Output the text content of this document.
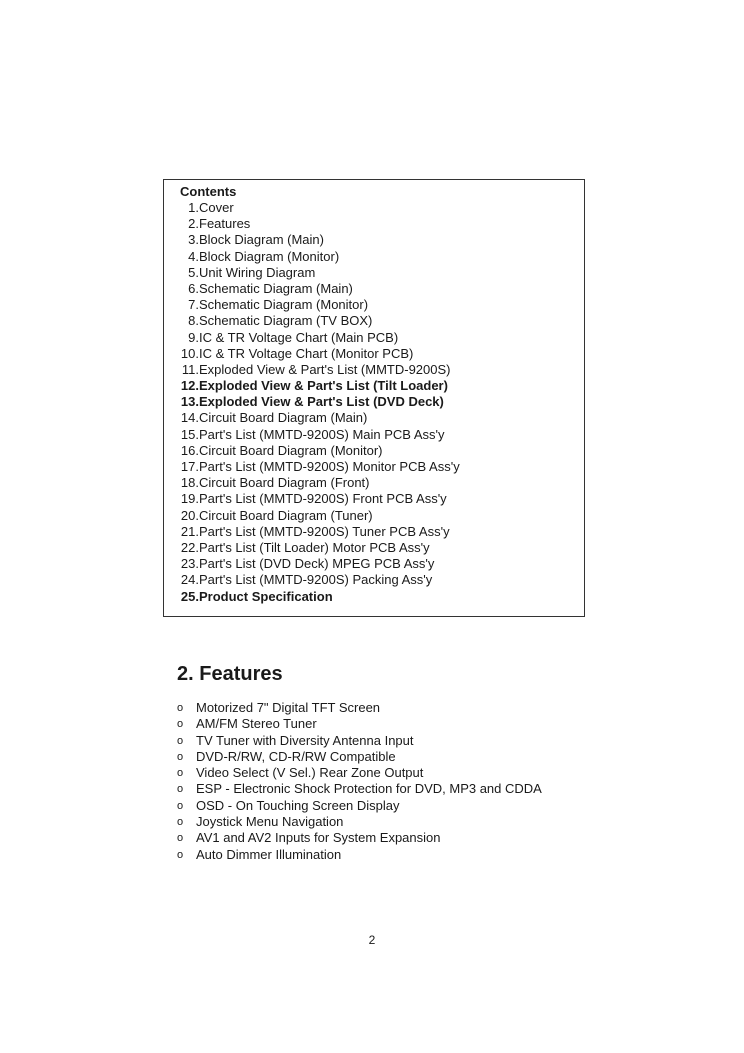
Contents
1. Cover
2. Features
3. Block Diagram (Main)
4. Block Diagram (Monitor)
5. Unit Wiring Diagram
6. Schematic Diagram (Main)
7. Schematic Diagram (Monitor)
8. Schematic Diagram (TV BOX)
9. IC & TR Voltage Chart (Main PCB)
10. IC & TR Voltage Chart (Monitor PCB)
11. Exploded View & Part's List (MMTD-9200S)
12. Exploded View & Part's List (Tilt Loader)
13. Exploded View & Part's List (DVD Deck)
14. Circuit Board Diagram (Main)
15. Part's List (MMTD-9200S) Main PCB Ass'y
16. Circuit Board Diagram (Monitor)
17. Part's List (MMTD-9200S) Monitor PCB Ass'y
18. Circuit Board Diagram (Front)
19. Part's List (MMTD-9200S) Front PCB Ass'y
20. Circuit Board Diagram (Tuner)
21. Part's List (MMTD-9200S) Tuner PCB Ass'y
22. Part's List (Tilt Loader) Motor PCB Ass'y
23. Part's List (DVD Deck) MPEG PCB Ass'y
24. Part's List (MMTD-9200S) Packing Ass'y
25. Product Specification
2. Features
o Motorized 7" Digital TFT Screen
o AM/FM Stereo Tuner
o TV Tuner with Diversity Antenna Input
o DVD-R/RW, CD-R/RW Compatible
o Video Select (V Sel.) Rear Zone Output
o ESP - Electronic Shock Protection for DVD, MP3 and CDDA
o OSD - On Touching Screen Display
o Joystick Menu Navigation
o AV1 and AV2 Inputs for System Expansion
o Auto Dimmer Illumination
2
